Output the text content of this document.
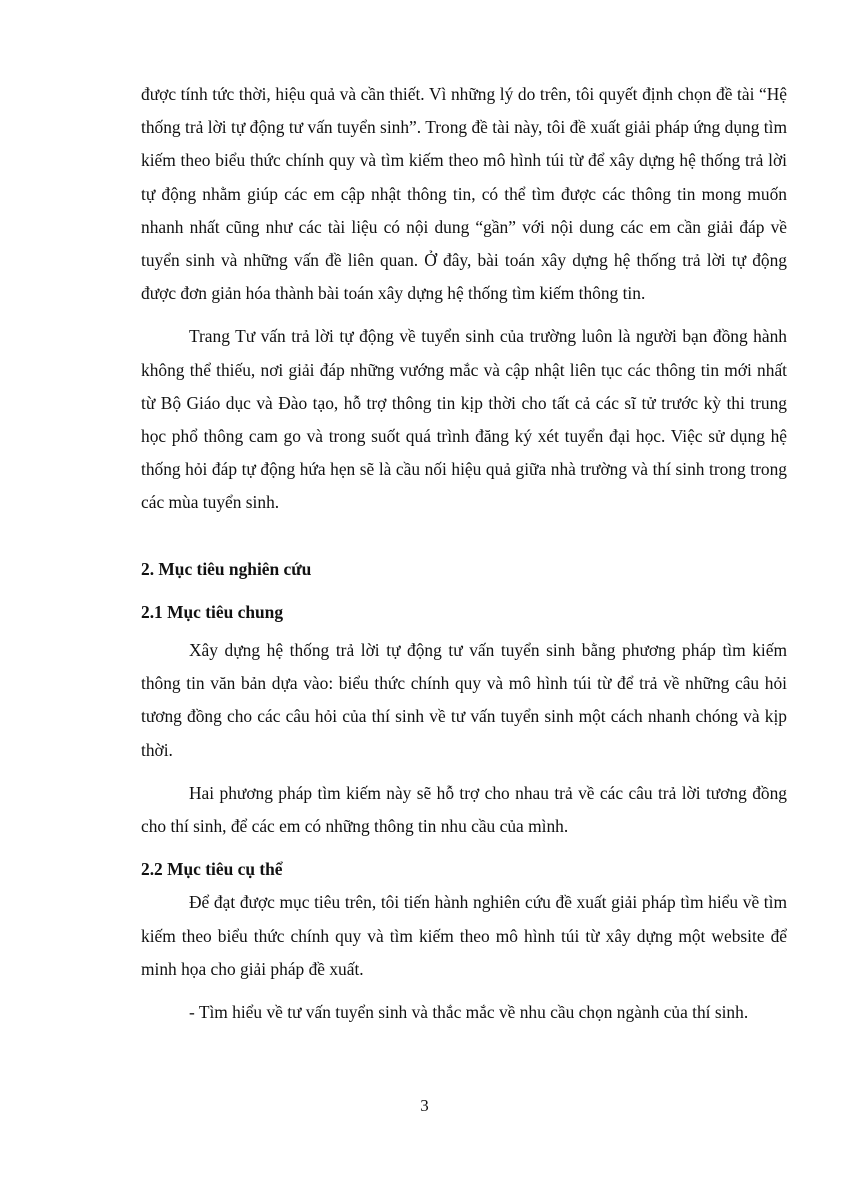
được tính tức thời, hiệu quả và cần thiết. Vì những lý do trên, tôi quyết định chọn đề tài “Hệ thống trả lời tự động tư vấn tuyển sinh”. Trong đề tài này, tôi đề xuất giải pháp ứng dụng tìm kiếm theo biểu thức chính quy và tìm kiếm theo mô hình túi từ để xây dựng hệ thống trả lời tự động nhằm giúp các em cập nhật thông tin, có thể tìm được các thông tin mong muốn nhanh nhất cũng như các tài liệu có nội dung “gần” với nội dung các em cần giải đáp về tuyển sinh và những vấn đề liên quan. Ở đây, bài toán xây dựng hệ thống trả lời tự động được đơn giản hóa thành bài toán xây dựng hệ thống tìm kiếm thông tin.

Trang Tư vấn trả lời tự động về tuyển sinh của trường luôn là người bạn đồng hành không thể thiếu, nơi giải đáp những vướng mắc và cập nhật liên tục các thông tin mới nhất từ Bộ Giáo dục và Đào tạo, hỗ trợ thông tin kịp thời cho tất cả các sĩ tử trước kỳ thi trung học phổ thông cam go và trong suốt quá trình đăng ký xét tuyển đại học. Việc sử dụng hệ thống hỏi đáp tự động hứa hẹn sẽ là cầu nối hiệu quả giữa nhà trường và thí sinh trong trong các mùa tuyển sinh.

2. Mục tiêu nghiên cứu
2.1 Mục tiêu chung

Xây dựng hệ thống trả lời tự động tư vấn tuyển sinh bằng phương pháp tìm kiếm thông tin văn bản dựa vào: biểu thức chính quy và mô hình túi từ để trả về những câu hỏi tương đồng cho các câu hỏi của thí sinh về tư vấn tuyển sinh một cách nhanh chóng và kịp thời.

Hai phương pháp tìm kiếm này sẽ hỗ trợ cho nhau trả về các câu trả lời tương đồng cho thí sinh, để các em có những thông tin nhu cầu của mình.

2.2 Mục tiêu cụ thể

Để đạt được mục tiêu trên, tôi tiến hành nghiên cứu đề xuất giải pháp tìm hiểu về tìm kiếm theo biểu thức chính quy và tìm kiếm theo mô hình túi từ xây dựng một website để minh họa cho giải pháp đề xuất.

- Tìm hiểu về tư vấn tuyển sinh và thắc mắc về nhu cầu chọn ngành của thí sinh.

3
